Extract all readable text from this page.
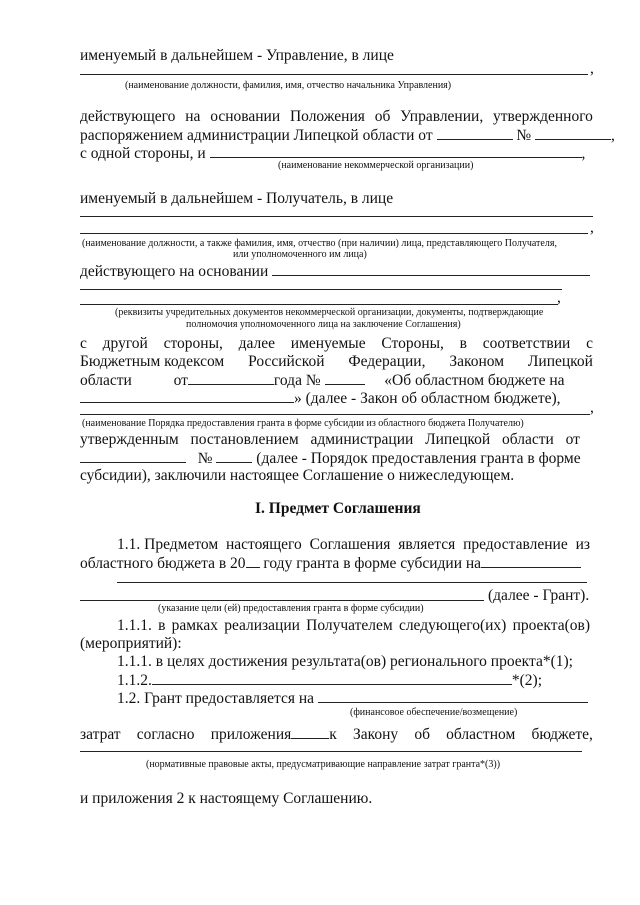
именуемый в дальнейшем - Управление, в лице
,
(наименование должности, фамилия, имя, отчество начальника Управления)
действующего на основании Положения об Управлении, утвержденного
распоряжением администрации Липецкой области от	№	,
с одной стороны, и	,
(наименование некоммерческой организации)
именуемый в дальнейшем - Получатель, в лице
,
(наименование должности, а также фамилия, имя, отчество (при наличии) лица, представляющего Получателя,
или уполномоченного им лица)
действующего на основании
,
(реквизиты учредительных документов некоммерческой организации, документы, подтверждающие
полномочия уполномоченного лица на заключение Соглашения)
с другой стороны, далее именуемые Стороны, в соответствии с
Бюджетным кодексом Российской Федерации, Законом Липецкой
области	от	года №	«Об областном бюджете на
» (далее - Закон об областном бюджете),
,
(наименование Порядка предоставления гранта в форме субсидии из областного бюджета Получателю)
утвержденным постановлением администрации Липецкой области от
№	(далее - Порядок предоставления гранта в форме
субсидии), заключили настоящее Соглашение о нижеследующем.
I. Предмет Соглашения
1.1. Предметом настоящего Соглашения является предоставление из
областного бюджета в 20 году гранта в форме субсидии на
(далее - Грант).
(указание цели (ей) предоставления гранта в форме субсидии)
1.1.1. в рамках реализации Получателем следующего(их) проекта(ов)
(мероприятий):
1.1.1. в целях достижения результата(ов) регионального проекта*(1);
1.1.2.	*(2);
1.2. Грант предоставляется на
(финансовое обеспечение/возмещение)
затрат согласно приложения к Закону об областном бюджете,
(нормативные правовые акты, предусматривающие направление затрат гранта*(3))
и приложения 2 к настоящему Соглашению.
